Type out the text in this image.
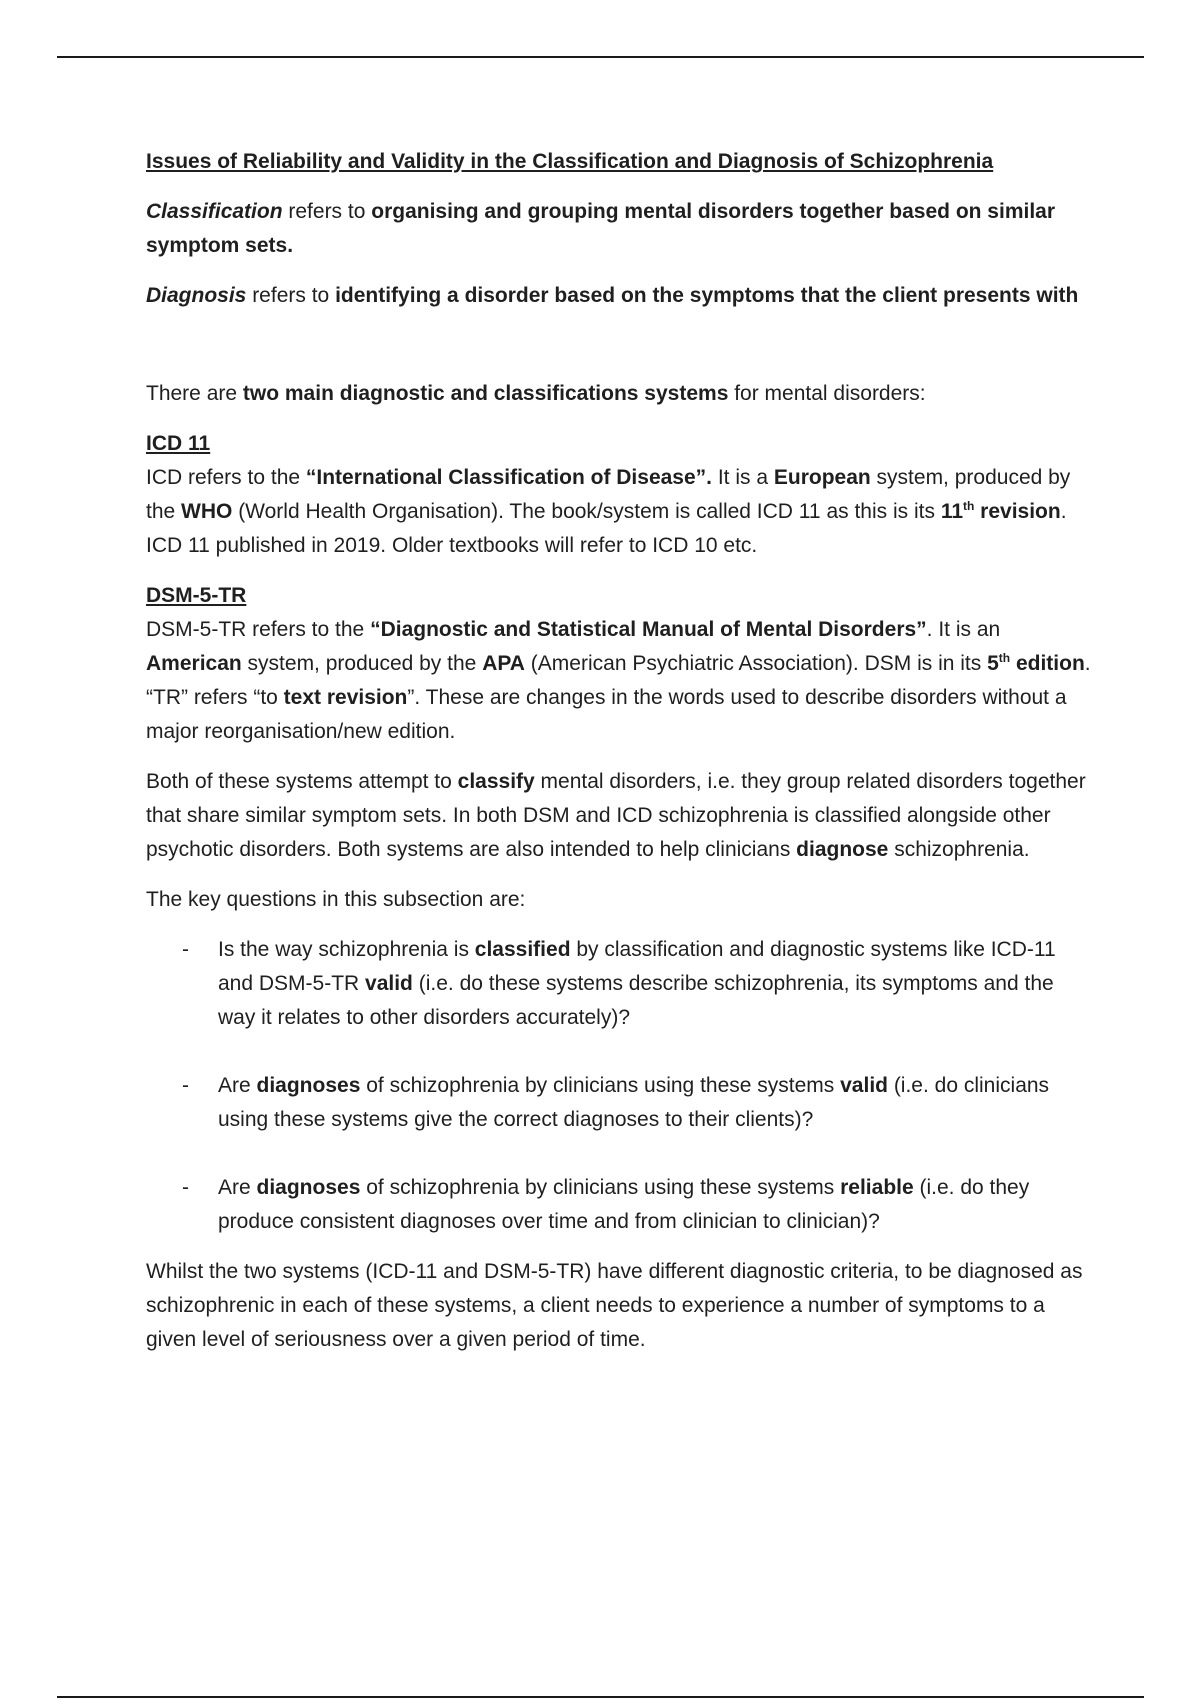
Issues of Reliability and Validity in the Classification and Diagnosis of Schizophrenia

Classification refers to organising and grouping mental disorders together based on similar symptom sets.

Diagnosis refers to identifying a disorder based on the symptoms that the client presents with

There are two main diagnostic and classifications systems for mental disorders:

ICD 11

ICD refers to the “International Classification of Disease”. It is a European system, produced by the WHO (World Health Organisation). The book/system is called ICD 11 as this is its 11th revision. ICD 11 published in 2019. Older textbooks will refer to ICD 10 etc.

DSM-5-TR

DSM-5-TR refers to the “Diagnostic and Statistical Manual of Mental Disorders”. It is an American system, produced by the APA (American Psychiatric Association). DSM is in its 5th edition. “TR” refers “to text revision”. These are changes in the words used to describe disorders without a major reorganisation/new edition.

Both of these systems attempt to classify mental disorders, i.e. they group related disorders together that share similar symptom sets. In both DSM and ICD schizophrenia is classified alongside other psychotic disorders. Both systems are also intended to help clinicians diagnose schizophrenia.

The key questions in this subsection are:

- Is the way schizophrenia is classified by classification and diagnostic systems like ICD-11 and DSM-5-TR valid (i.e. do these systems describe schizophrenia, its symptoms and the way it relates to other disorders accurately)?
- Are diagnoses of schizophrenia by clinicians using these systems valid (i.e. do clinicians using these systems give the correct diagnoses to their clients)?
- Are diagnoses of schizophrenia by clinicians using these systems reliable (i.e. do they produce consistent diagnoses over time and from clinician to clinician)?

Whilst the two systems (ICD-11 and DSM-5-TR) have different diagnostic criteria, to be diagnosed as schizophrenic in each of these systems, a client needs to experience a number of symptoms to a given level of seriousness over a given period of time.
